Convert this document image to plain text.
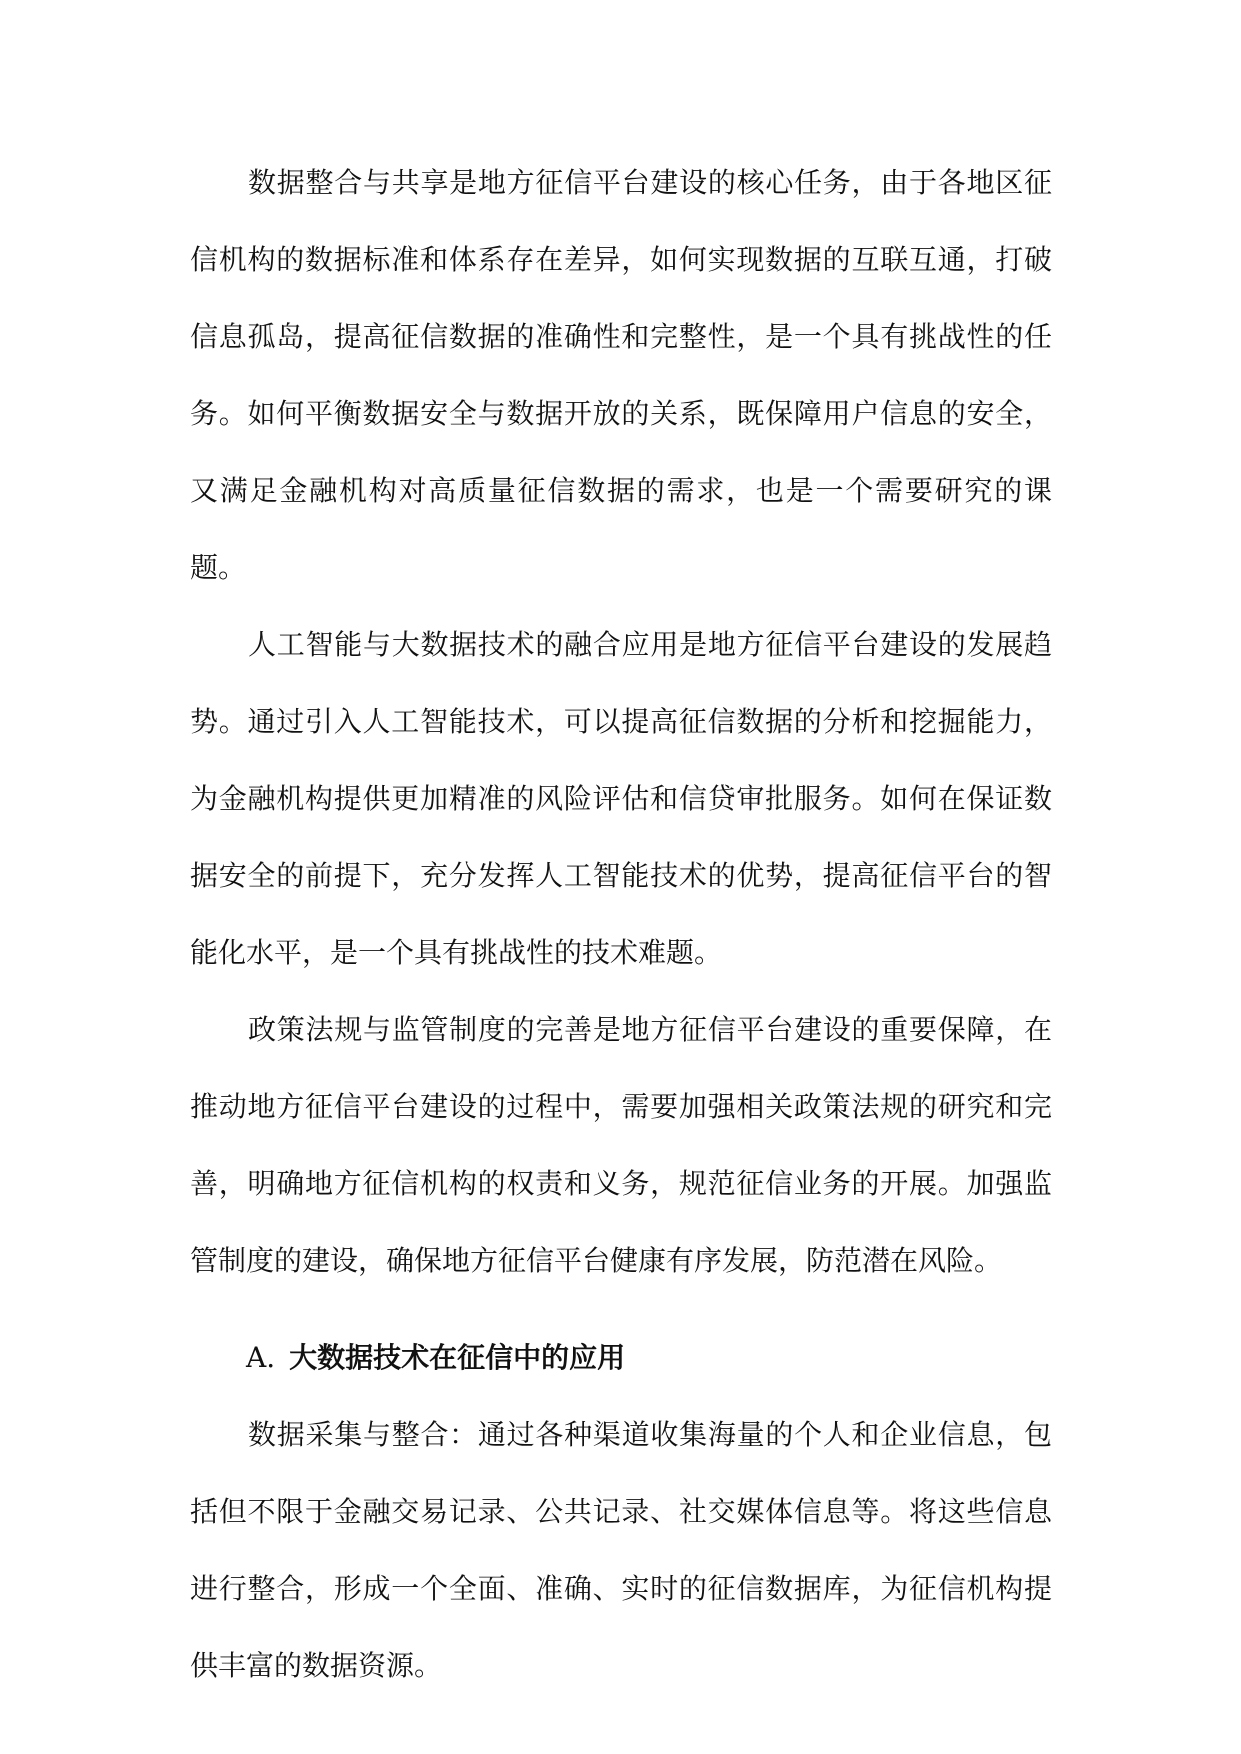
数据整合与共享是地方征信平台建设的核心任务，由于各地区征信机构的数据标准和体系存在差异，如何实现数据的互联互通，打破信息孤岛，提高征信数据的准确性和完整性，是一个具有挑战性的任务。如何平衡数据安全与数据开放的关系，既保障用户信息的安全，又满足金融机构对高质量征信数据的需求，也是一个需要研究的课题。

人工智能与大数据技术的融合应用是地方征信平台建设的发展趋势。通过引入人工智能技术，可以提高征信数据的分析和挖掘能力，为金融机构提供更加精准的风险评估和信贷审批服务。如何在保证数据安全的前提下，充分发挥人工智能技术的优势，提高征信平台的智能化水平，是一个具有挑战性的技术难题。

政策法规与监管制度的完善是地方征信平台建设的重要保障，在推动地方征信平台建设的过程中，需要加强相关政策法规的研究和完善，明确地方征信机构的权责和义务，规范征信业务的开展。加强监管制度的建设，确保地方征信平台健康有序发展，防范潜在风险。

A. 大数据技术在征信中的应用

数据采集与整合：通过各种渠道收集海量的个人和企业信息，包括但不限于金融交易记录、公共记录、社交媒体信息等。将这些信息进行整合，形成一个全面、准确、实时的征信数据库，为征信机构提供丰富的数据资源。
